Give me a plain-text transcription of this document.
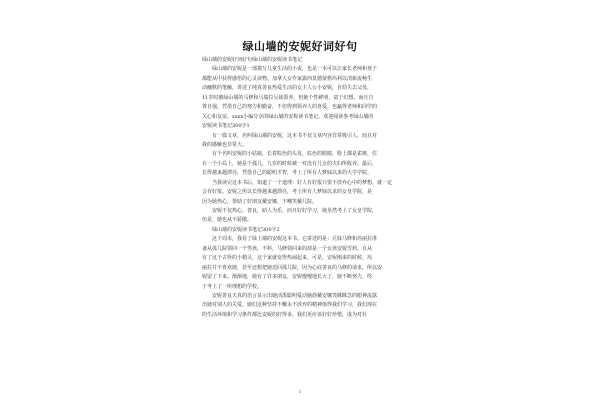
绿山墙的安妮好词好句
绿山墙的安妮好词好句绿山墙的安妮读书笔记
绿山墙的安妮是一部描写儿童生活的小说，也是一本可以让家长老师和孩子
都能从中获得感悟的心灵读物。加拿大女作家露西莫德蒙格玛利以清新流畅生
动幽默的笔触，讲述了纯真善良热爱生活的女主人公小安妮，自幼失去父母，
11岁时被绿山墙的马修和马瑞拉兄妹领养，但她个性鲜明，富于幻想，而且自
尊自强，凭借自己的努力和勤奋，不但得到领养人的喜爱，也赢得老师和同学的
关心和友谊。xxxx小编分享的绿山墙的安妮读书笔记，欢迎阅读参考绿山墙的
安妮读书笔记300字1
有一篇文章，名叫绿山墙的安妮，这本书不仅文章内容非常吸引人，而且对
我的感触也非常大。
有个名叫安妮的小姑娘，长着粽色的头发，棕色的眼睛，脸上都是雀斑，住
在一个小岛上，她是个孤儿，九岁的时候被一对没有儿女的夫妇所收养。最后，
长得越来越漂亮，凭借自己的聪明才智，考上了所有人梦寐以求的大学学院。
当我读完这本书后，知道了一个道理：好人有好报只要不放弃心中的梦想，就一定
会有好报。安妮之所以长得越来越漂亮，考上所有人梦寐以求的女皇学院，是
因为她热心，帮助了好朋友戴安娜，不嘲笑戴儿院。
安妮不仅热心，善良，助人为乐，而且好好学习，她虽然考上了女皇学院，
但是，她也从不骄傲。
绿山墙的安妮读书笔记300字2
这个周末，我看了绿上墙的安妮这本书。它讲述的是：兄妹马修和玛丽拉准
备从孤儿院领回一个男孩，不料，马修领回来的却是一个女孩安妮雪莉。自从
有了这个古怪的小精灵，这个家就变得热闹起来，可是，安妮刚来的时候，玛
丽拉并不喜欢她，甚至还想把她送回孤儿院，因为心底善良的马修的请求，所以安
妮留了下来。渐渐地，她有了许多朋友，安妮慢慢地长大了，她不断努力，终
于考上了一所理想的学校。
安妮善良天真的语言显示出她活泼聪明爱动脑筋戴安娜笑眯眯急的眼神流露
出她对别人的关爱。她们这种坚持不懈永不放弃的精神值得我们学习，我们现在
的生活环境和学习条件都比安妮的好得多，我们更应该好好珍惜，成为对社
1
